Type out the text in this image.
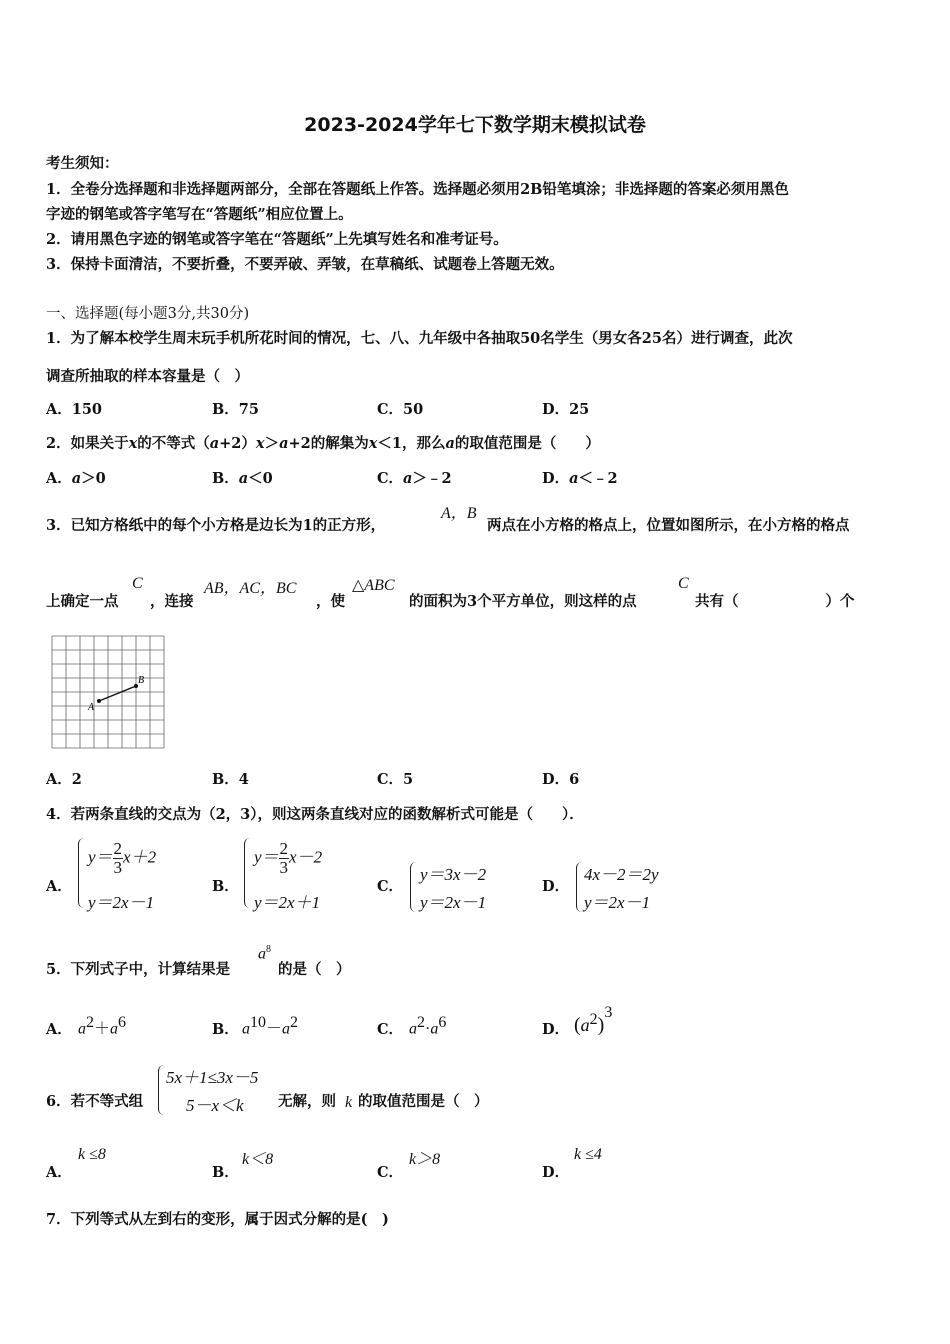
2023-2024学年七下数学期末模拟试卷
考生须知：
1．全卷分选择题和非选择题两部分，全部在答题纸上作答。选择题必须用2B铅笔填涂；非选择题的答案必须用黑色
字迹的钢笔或答字笔写在“答题纸”相应位置上。
2．请用黑色字迹的钢笔或答字笔在“答题纸”上先填写姓名和准考证号。
3．保持卡面清洁，不要折叠，不要弄破、弄皱，在草稿纸、试题卷上答题无效。
一、选择题(每小题3分,共30分)
1．为了解本校学生周末玩手机所花时间的情况，七、八、九年级中各抽取50名学生（男女各25名）进行调查，此次
调查所抽取的样本容量是（　）
A．150	B．75	C．50	D．25
2．如果关于x的不等式（a+2）x＞a+2的解集为x＜1，那么a的取值范围是（　　）
A．a＞0	B．a＜0	C．a＞﹣2	D．a＜﹣2
3．已知方格纸中的每个小方格是边长为1的正方形，
A，B
两点在小方格的格点上，位置如图所示，在小方格的格点
上确定一点
C
，连接
AB，AC，BC
，使
△ABC
的面积为3个平方单位，则这样的点
C
共有（　　　　　　）个
A
B
A．2	B．4	C．5	D．6
4．若两条直线的交点为（2，3），则这两条直线对应的函数解析式可能是（　　）．
A．
$y= \frac{2}{3} x+2$
y＝2x－1
B．
$y= \frac{2}{3} x-2$
y＝2x＋1
C．
y＝3x－2
y＝2x－1
D．
4x－2＝2y
y＝2x－1
5．下列式子中，计算结果是
$a^8$
的是（　）
A． $a^2+a^6$	B． $a^{10}-a^2$	C． $a^2\cdot a^6$	D． $(a^2)^3$
6．若不等式组
5x＋1≤3x－5
5－x＜k 无解，则 k 的取值范围是（　）
A．
k ≤8
B．
k＜8
C．
k＞8
D．
k ≤4
7．下列等式从左到右的变形，属于因式分解的是(　)
